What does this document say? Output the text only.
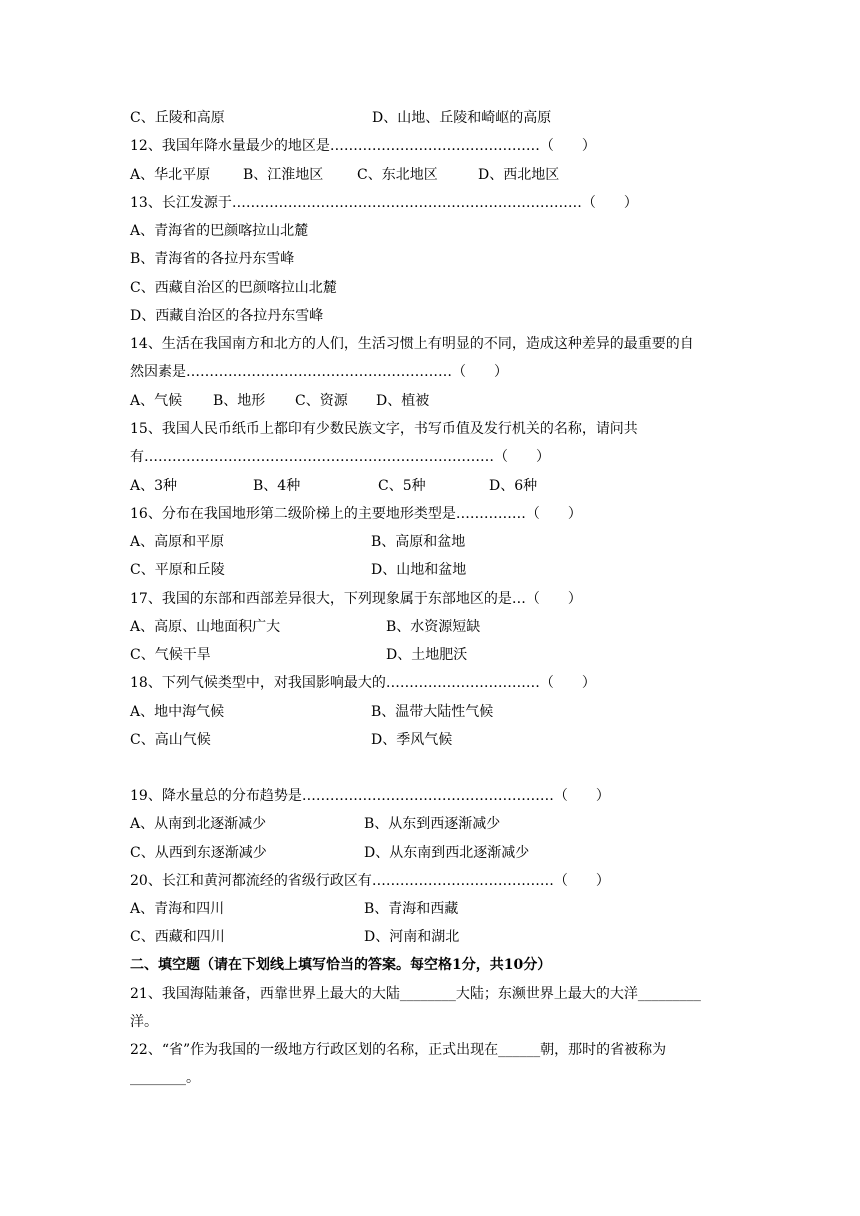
C、丘陵和高原	D、山地、丘陵和崎岖的高原
12、我国年降水量最少的地区是………………………………………（　　）
A、华北平原 B、江淮地区 C、东北地区	D、西北地区
13、长江发源于…………………………………………………………………（　　）
A、青海省的巴颜喀拉山北麓
B、青海省的各拉丹东雪峰
C、西藏自治区的巴颜喀拉山北麓
D、西藏自治区的各拉丹东雪峰
14、生活在我国南方和北方的人们，生活习惯上有明显的不同，造成这种差异的最重要的自
然因素是…………………………………………………（　　）
A、气候 B、地形 C、资源 D、植被
15、我国人民币纸币上都印有少数民族文字，书写币值及发行机关的名称，请问共
有…………………………………………………………………（　　）
A、3种	B、4种	C、5种	D、6种
16、分布在我国地形第二级阶梯上的主要地形类型是……………（　　）
A、高原和平原	B、高原和盆地
C、平原和丘陵	D、山地和盆地
17、我国的东部和西部差异很大，下列现象属于东部地区的是…（　　）
A、高原、山地面积广大	B、水资源短缺
C、气候干旱	D、土地肥沃
18、下列气候类型中，对我国影响最大的……………………………（　　）
A、地中海气候	B、温带大陆性气候
C、高山气候	D、季风气候
19、降水量总的分布趋势是………………………………………………（　　）
A、从南到北逐渐减少	B、从东到西逐渐减少
C、从西到东逐渐减少	D、从东南到西北逐渐减少
20、长江和黄河都流经的省级行政区有…………………………………（　　）
A、青海和四川	B、青海和西藏
C、西藏和四川	D、河南和湖北
二、填空题（请在下划线上填写恰当的答案。每空格1分，共10分）
21、我国海陆兼备，西靠世界上最大的大陆________大陆；东濒世界上最大的大洋_________
洋。
22、“省”作为我国的一级地方行政区划的名称，正式出现在______朝，那时的省被称为
________。
